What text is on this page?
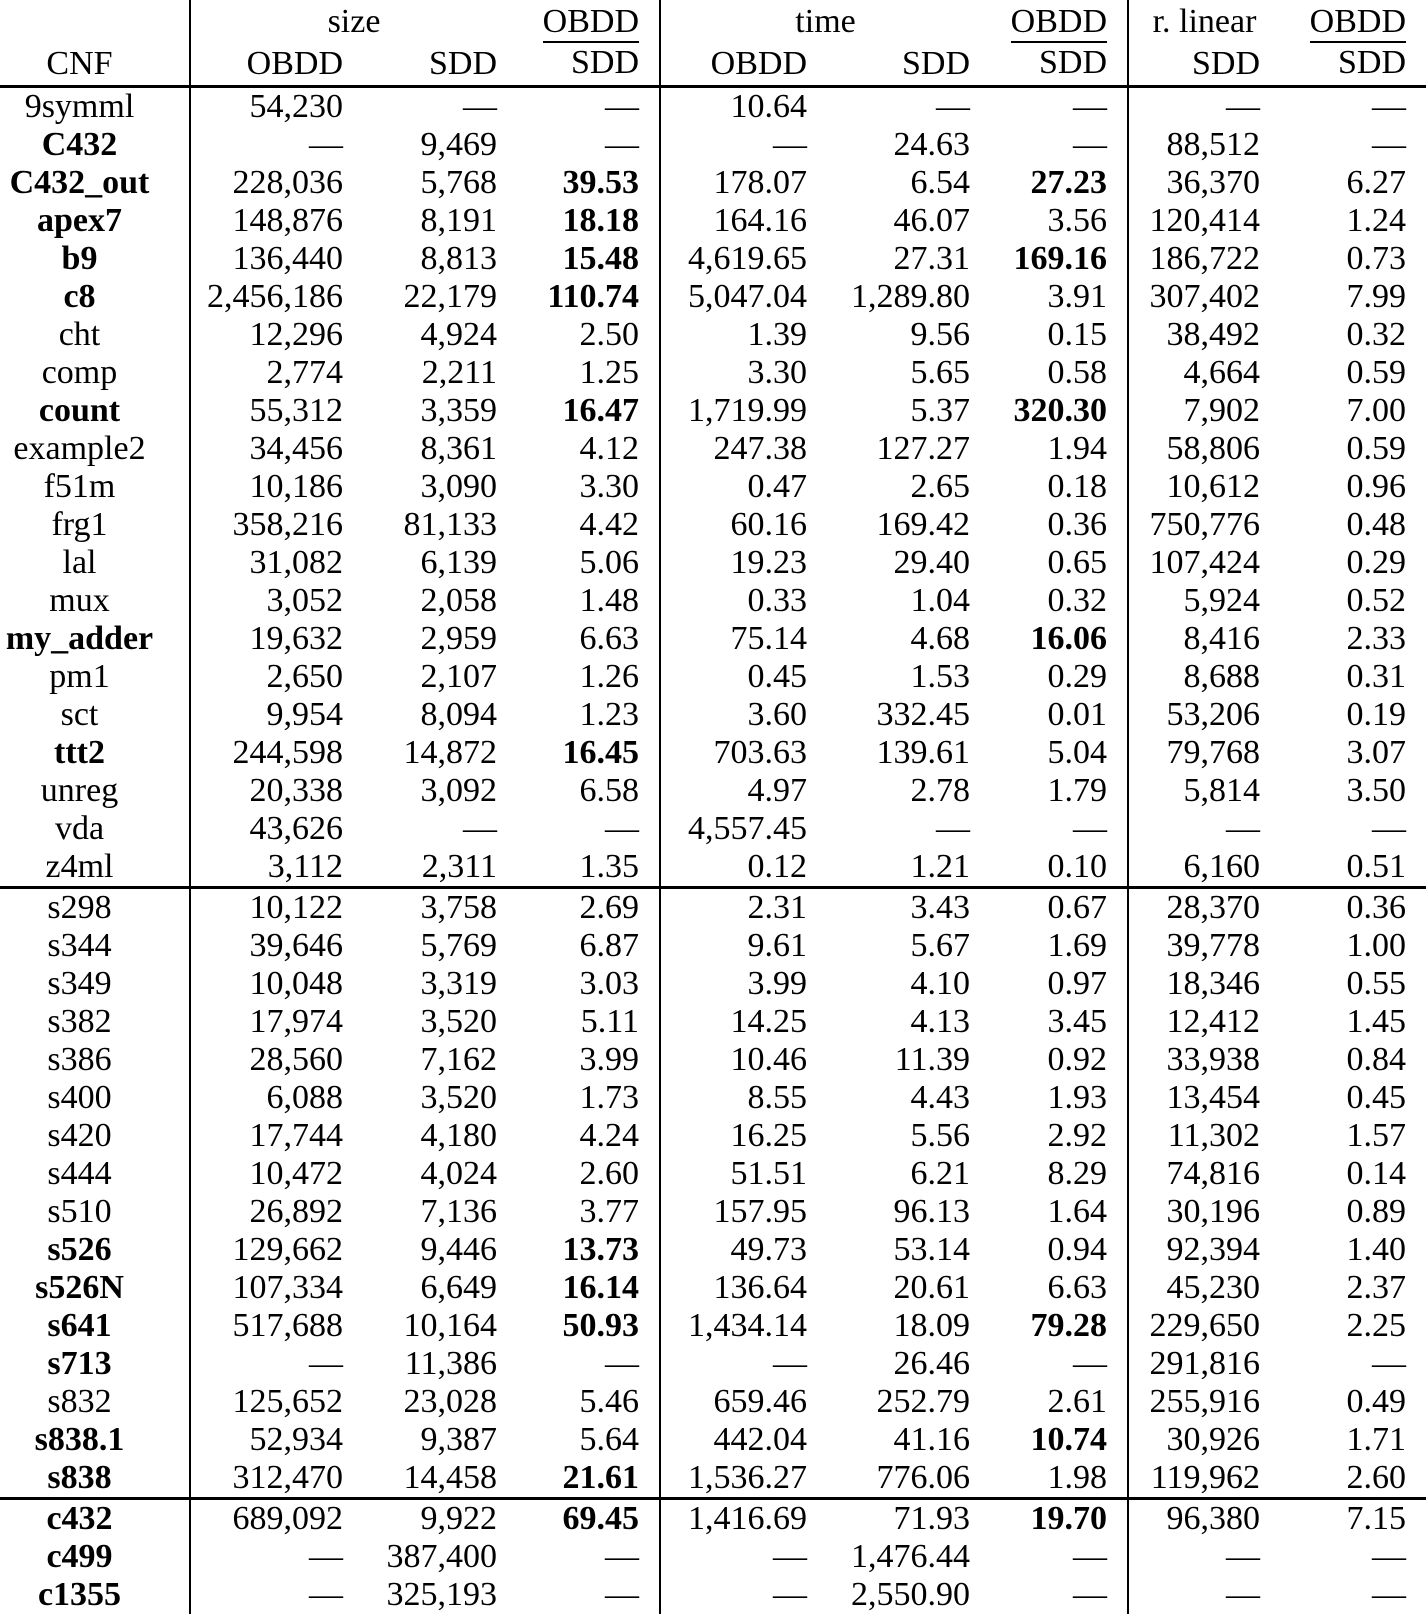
	size		$\frac{\text{OBDD}}{\text{SDD}}$	time		$\frac{\text{OBDD}}{\text{SDD}}$	r. linear	$\frac{\text{OBDD}}{\text{SDD}}$

CNF	OBDD	SDD		OBDD	SDD		SDD	
9symml	54,230	—	—	10.64	—	—	—	—
C432	—	9,469	—	—	24.63	—	88,512	—
C432_out	228,036	5,768	39.53	178.07	6.54	27.23	36,370	6.27
apex7	148,876	8,191	18.18	164.16	46.07	3.56	120,414	1.24
b9	136,440	8,813	15.48	4,619.65	27.31	169.16	186,722	0.73
c8	2,456,186	22,179	110.74	5,047.04	1,289.80	3.91	307,402	7.99
cht	12,296	4,924	2.50	1.39	9.56	0.15	38,492	0.32
comp	2,774	2,211	1.25	3.30	5.65	0.58	4,664	0.59
count	55,312	3,359	16.47	1,719.99	5.37	320.30	7,902	7.00
example2	34,456	8,361	4.12	247.38	127.27	1.94	58,806	0.59
f51m	10,186	3,090	3.30	0.47	2.65	0.18	10,612	0.96
frg1	358,216	81,133	4.42	60.16	169.42	0.36	750,776	0.48
lal	31,082	6,139	5.06	19.23	29.40	0.65	107,424	0.29
mux	3,052	2,058	1.48	0.33	1.04	0.32	5,924	0.52
my_adder	19,632	2,959	6.63	75.14	4.68	16.06	8,416	2.33
pm1	2,650	2,107	1.26	0.45	1.53	0.29	8,688	0.31
sct	9,954	8,094	1.23	3.60	332.45	0.01	53,206	0.19
ttt2	244,598	14,872	16.45	703.63	139.61	5.04	79,768	3.07
unreg	20,338	3,092	6.58	4.97	2.78	1.79	5,814	3.50
vda	43,626	—	—	4,557.45	—	—	—	—
z4ml	3,112	2,311	1.35	0.12	1.21	0.10	6,160	0.51
s298	10,122	3,758	2.69	2.31	3.43	0.67	28,370	0.36
s344	39,646	5,769	6.87	9.61	5.67	1.69	39,778	1.00
s349	10,048	3,319	3.03	3.99	4.10	0.97	18,346	0.55
s382	17,974	3,520	5.11	14.25	4.13	3.45	12,412	1.45
s386	28,560	7,162	3.99	10.46	11.39	0.92	33,938	0.84
s400	6,088	3,520	1.73	8.55	4.43	1.93	13,454	0.45
s420	17,744	4,180	4.24	16.25	5.56	2.92	11,302	1.57
s444	10,472	4,024	2.60	51.51	6.21	8.29	74,816	0.14
s510	26,892	7,136	3.77	157.95	96.13	1.64	30,196	0.89
s526	129,662	9,446	13.73	49.73	53.14	0.94	92,394	1.40
s526N	107,334	6,649	16.14	136.64	20.61	6.63	45,230	2.37
s641	517,688	10,164	50.93	1,434.14	18.09	79.28	229,650	2.25
s713	—	11,386	—	—	26.46	—	291,816	—
s832	125,652	23,028	5.46	659.46	252.79	2.61	255,916	0.49
s838.1	52,934	9,387	5.64	442.04	41.16	10.74	30,926	1.71
s838	312,470	14,458	21.61	1,536.27	776.06	1.98	119,962	2.60
c432	689,092	9,922	69.45	1,416.69	71.93	19.70	96,380	7.15
c499	—	387,400	—	—	1,476.44	—	—	—
c1355	—	325,193	—	—	2,550.90	—	—	—
